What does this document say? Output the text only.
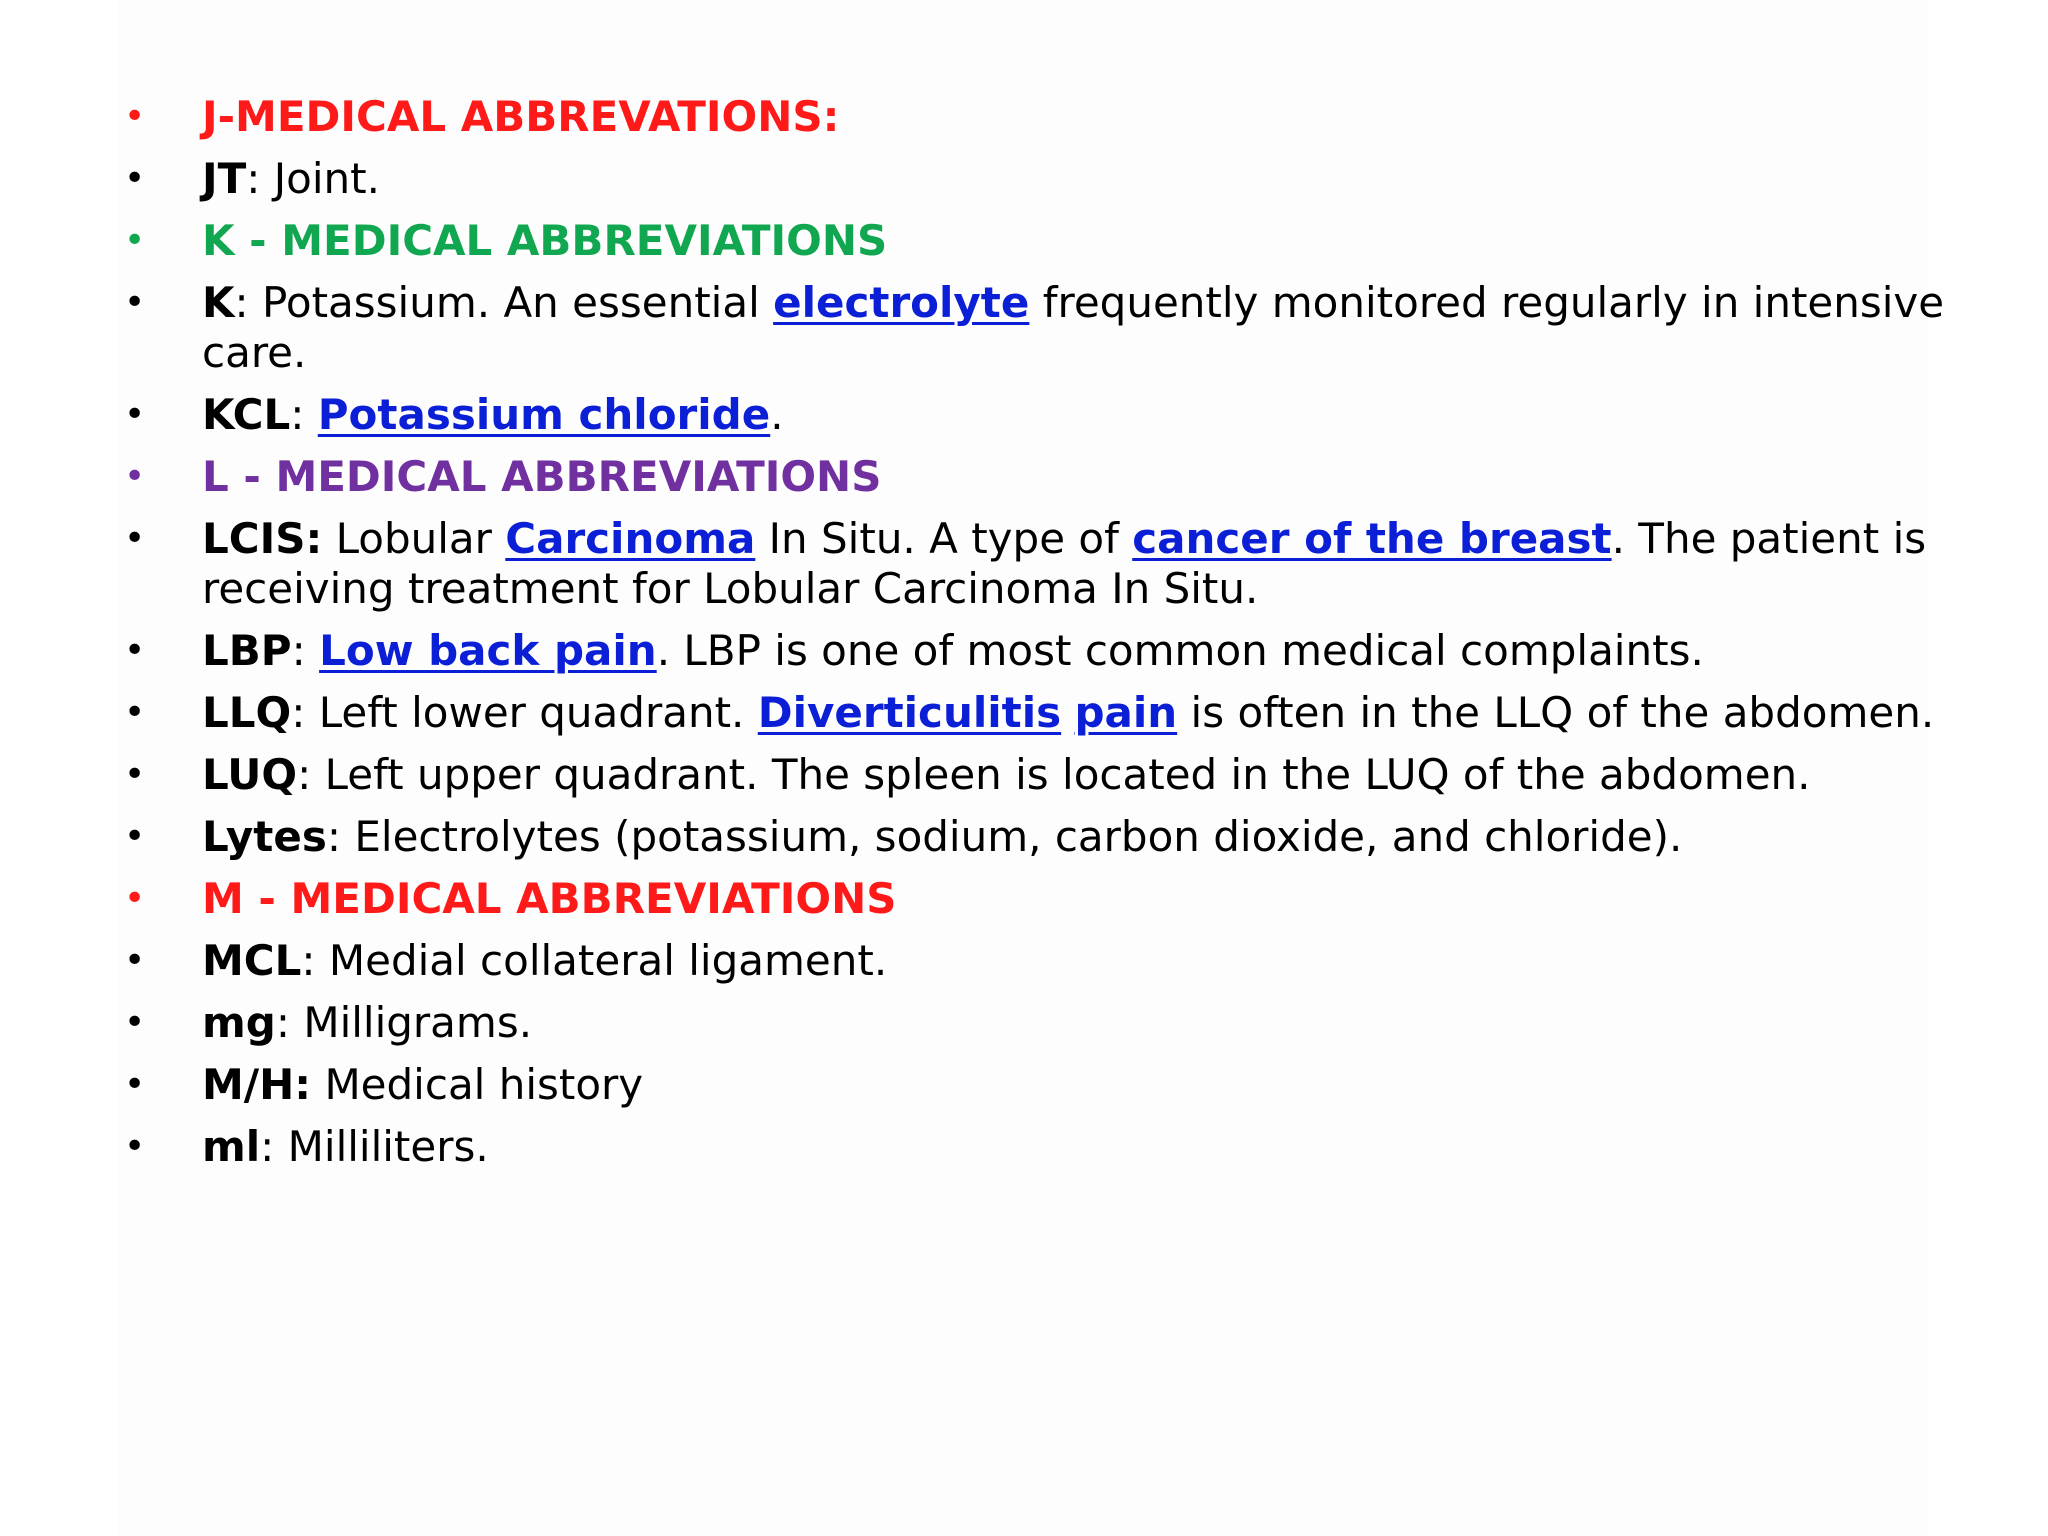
•	J-MEDICAL ABBREVATIONS:
•	JT: Joint.
•	K - MEDICAL ABBREVIATIONS
•	K: Potassium. An essential electrolyte frequently monitored regularly in intensive care.
•	KCL: Potassium chloride.
•	L - MEDICAL ABBREVIATIONS
•	LCIS: Lobular Carcinoma In Situ. A type of cancer of the breast. The patient is receiving treatment for Lobular Carcinoma In Situ.
•	LBP: Low back pain. LBP is one of most common medical complaints.
•	LLQ: Left lower quadrant. Diverticulitis pain is often in the LLQ of the abdomen.
•	LUQ: Left upper quadrant. The spleen is located in the LUQ of the abdomen.
•	Lytes: Electrolytes (potassium, sodium, carbon dioxide, and chloride).
•	M - MEDICAL ABBREVIATIONS
•	MCL: Medial collateral ligament.
•	mg: Milligrams.
•	M/H: Medical history
•	ml: Milliliters.
